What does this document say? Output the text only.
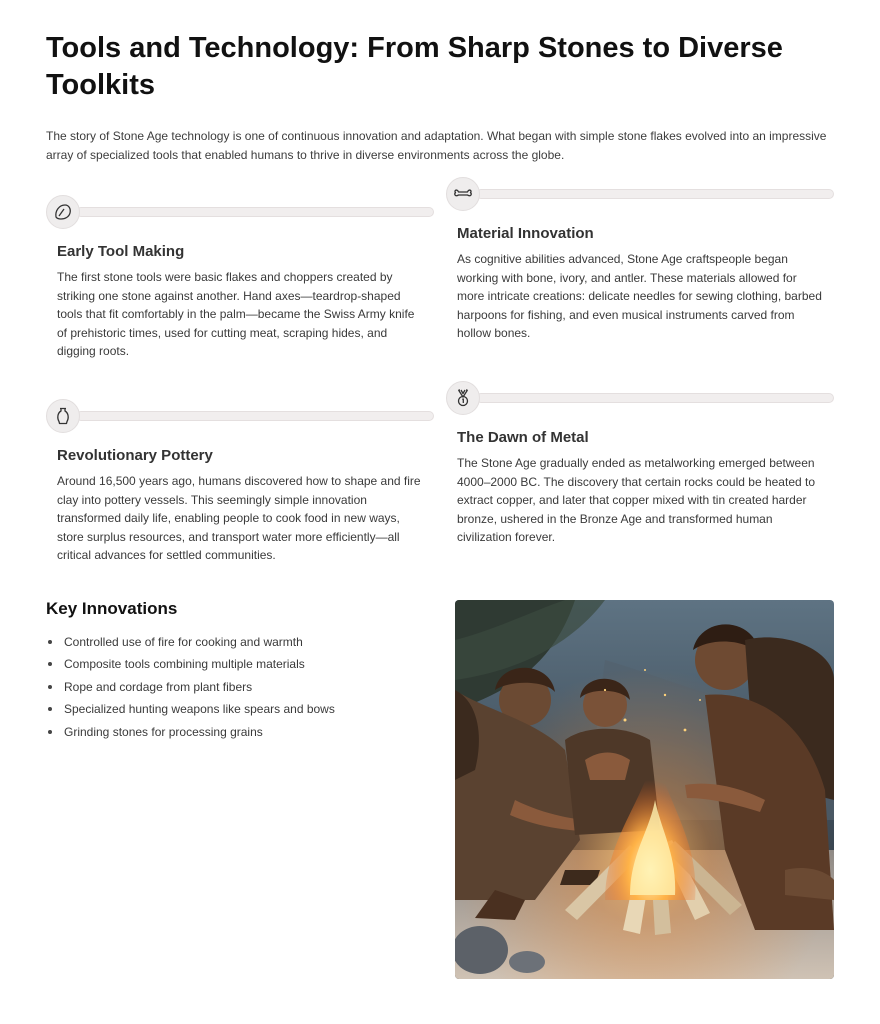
Tools and Technology: From Sharp Stones to Diverse Toolkits

The story of Stone Age technology is one of continuous innovation and adaptation. What began with simple stone flakes evolved into an impressive array of specialized tools that enabled humans to thrive in diverse environments across the globe.

Early Tool Making

The first stone tools were basic flakes and choppers created by striking one stone against another. Hand axes—teardrop-shaped tools that fit comfortably in the palm—became the Swiss Army knife of prehistoric times, used for cutting meat, scraping hides, and digging roots.

Material Innovation

As cognitive abilities advanced, Stone Age craftspeople began working with bone, ivory, and antler. These materials allowed for more intricate creations: delicate needles for sewing clothing, barbed harpoons for fishing, and even musical instruments carved from hollow bones.

Revolutionary Pottery

Around 16,500 years ago, humans discovered how to shape and fire clay into pottery vessels. This seemingly simple innovation transformed daily life, enabling people to cook food in new ways, store surplus resources, and transport water more efficiently—all critical advances for settled communities.

The Dawn of Metal

The Stone Age gradually ended as metalworking emerged between 4000–2000 BC. The discovery that certain rocks could be heated to extract copper, and later that copper mixed with tin created harder bronze, ushered in the Bronze Age and transformed human civilization forever.

Key Innovations
Controlled use of fire for cooking and warmth
Composite tools combining multiple materials
Rope and cordage from plant fibers
Specialized hunting weapons like spears and bows
Grinding stones for processing grains
